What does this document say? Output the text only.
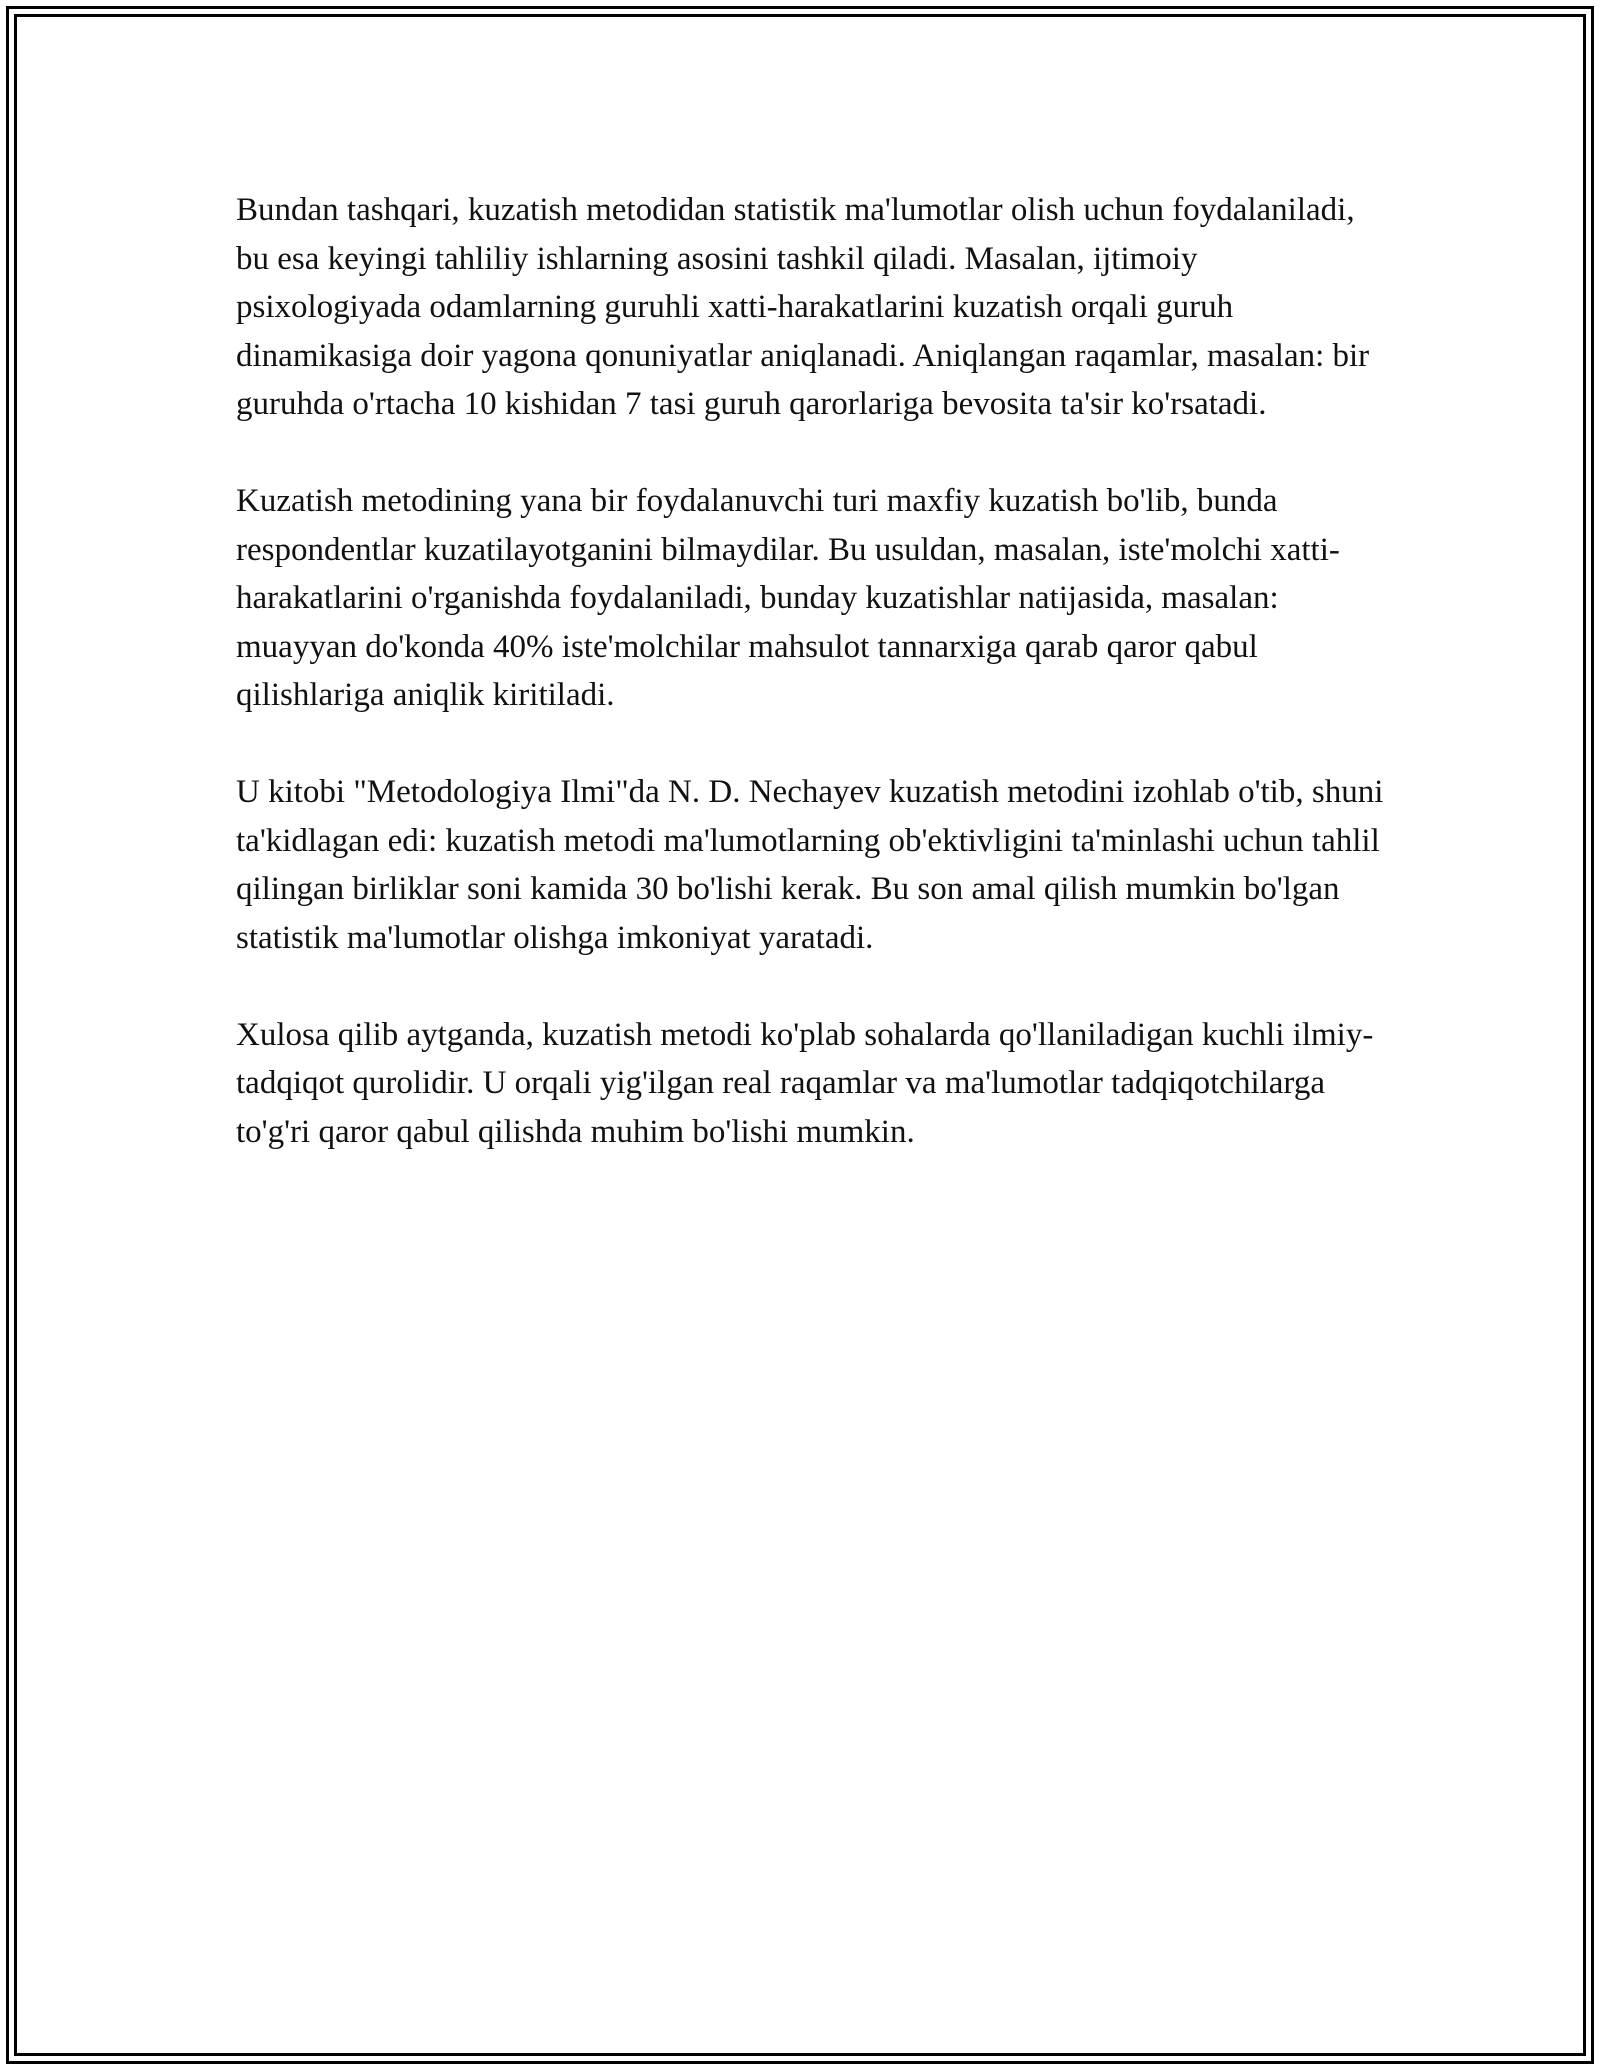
Bundan tashqari, kuzatish metodidan statistik ma'lumotlar olish uchun foydalaniladi, bu esa keyingi tahliliy ishlarning asosini tashkil qiladi. Masalan, ijtimoiy psixologiyada odamlarning guruhli xatti-harakatlarini kuzatish orqali guruh dinamikasiga doir yagona qonuniyatlar aniqlanadi. Aniqlangan raqamlar, masalan: bir guruhda o'rtacha 10 kishidan 7 tasi guruh qarorlariga bevosita ta'sir ko'rsatadi.

Kuzatish metodining yana bir foydalanuvchi turi maxfiy kuzatish bo'lib, bunda respondentlar kuzatilayotganini bilmaydilar. Bu usuldan, masalan, iste'molchi xatti-harakatlarini o'rganishda foydalaniladi, bunday kuzatishlar natijasida, masalan: muayyan do'konda 40% iste'molchilar mahsulot tannarxiga qarab qaror qabul qilishlariga aniqlik kiritiladi.

U kitobi "Metodologiya Ilmi"da N. D. Nechayev kuzatish metodini izohlab o'tib, shuni ta'kidlagan edi: kuzatish metodi ma'lumotlarning ob'ektivligini ta'minlashi uchun tahlil qilingan birliklar soni kamida 30 bo'lishi kerak. Bu son amal qilish mumkin bo'lgan statistik ma'lumotlar olishga imkoniyat yaratadi.

Xulosa qilib aytganda, kuzatish metodi ko'plab sohalarda qo'llaniladigan kuchli ilmiy-tadqiqot qurolidir. U orqali yig'ilgan real raqamlar va ma'lumotlar tadqiqotchilarga to'g'ri qaror qabul qilishda muhim bo'lishi mumkin.
